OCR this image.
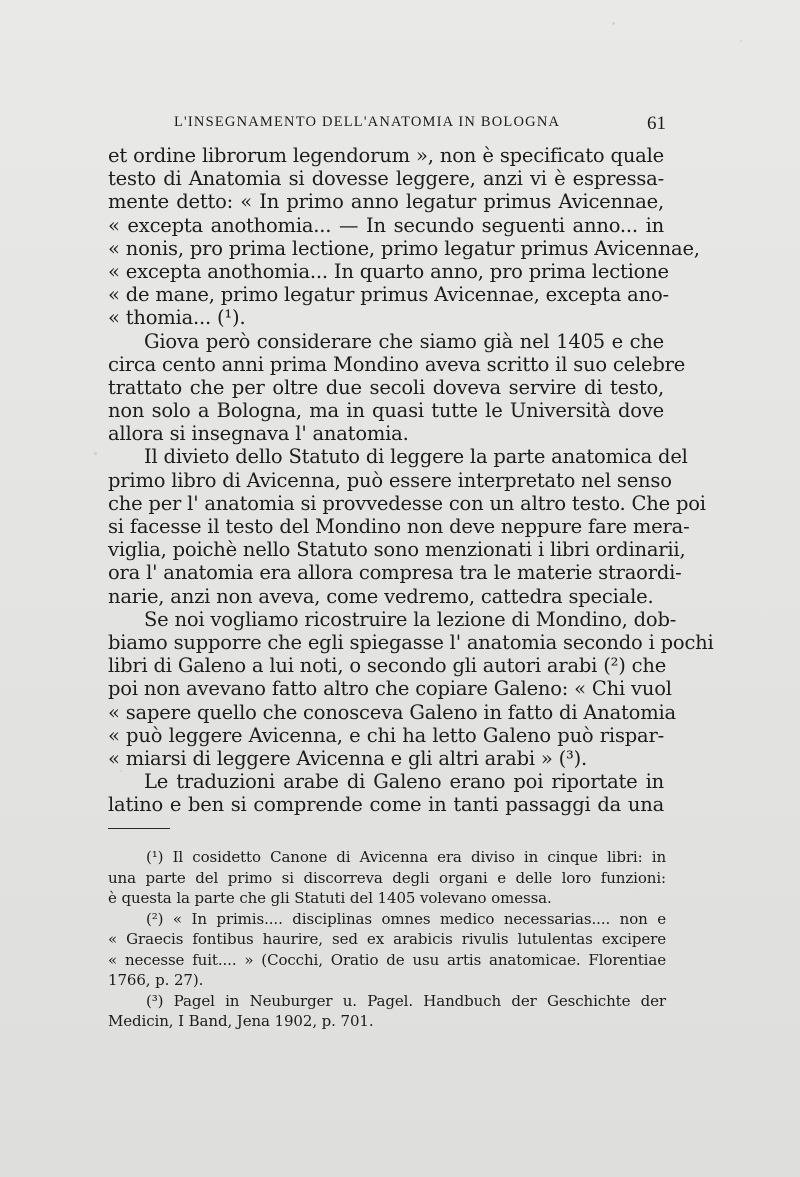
L'INSEGNAMENTO DELL'ANATOMIA IN BOLOGNA	61
et ordine librorum legendorum », non è specificato quale
testo di Anatomia si dovesse leggere, anzi vi è espressa-
mente detto: « In primo anno legatur primus Avicennae,
« excepta anothomia... — In secundo seguenti anno... in
« nonis, pro prima lectione, primo legatur primus Avicennae,
« excepta anothomia... In quarto anno, pro prima lectione
« de mane, primo legatur primus Avicennae, excepta ano-
« thomia... (¹).
Giova però considerare che siamo già nel 1405 e che
circa cento anni prima Mondino aveva scritto il suo celebre
trattato che per oltre due secoli doveva servire di testo,
non solo a Bologna, ma in quasi tutte le Università dove
allora si insegnava l' anatomia.
Il divieto dello Statuto di leggere la parte anatomica del
primo libro di Avicenna, può essere interpretato nel senso
che per l' anatomia si provvedesse con un altro testo. Che poi
si facesse il testo del Mondino non deve neppure fare mera-
viglia, poichè nello Statuto sono menzionati i libri ordinarii,
ora l' anatomia era allora compresa tra le materie straordi-
narie, anzi non aveva, come vedremo, cattedra speciale.
Se noi vogliamo ricostruire la lezione di Mondino, dob-
biamo supporre che egli spiegasse l' anatomia secondo i pochi
libri di Galeno a lui noti, o secondo gli autori arabi (²) che
poi non avevano fatto altro che copiare Galeno: « Chi vuol
« sapere quello che conosceva Galeno in fatto di Anatomia
« può leggere Avicenna, e chi ha letto Galeno può rispar-
« miarsi di leggere Avicenna e gli altri arabi » (³).
Le traduzioni arabe di Galeno erano poi riportate in
latino e ben si comprende come in tanti passaggi da una
(¹) Il cosidetto Canone di Avicenna era diviso in cinque libri: in
una parte del primo si discorreva degli organi e delle loro funzioni:
è questa la parte che gli Statuti del 1405 volevano omessa.
(²) « In primis.... disciplinas omnes medico necessarias.... non e
« Graecis fontibus haurire, sed ex arabicis rivulis lutulentas excipere
« necesse fuit.... » (Cocchi, Oratio de usu artis anatomicae. Florentiae
1766, p. 27).
(³) Pagel in Neuburger u. Pagel. Handbuch der Geschichte der
Medicin, I Band, Jena 1902, p. 701.
